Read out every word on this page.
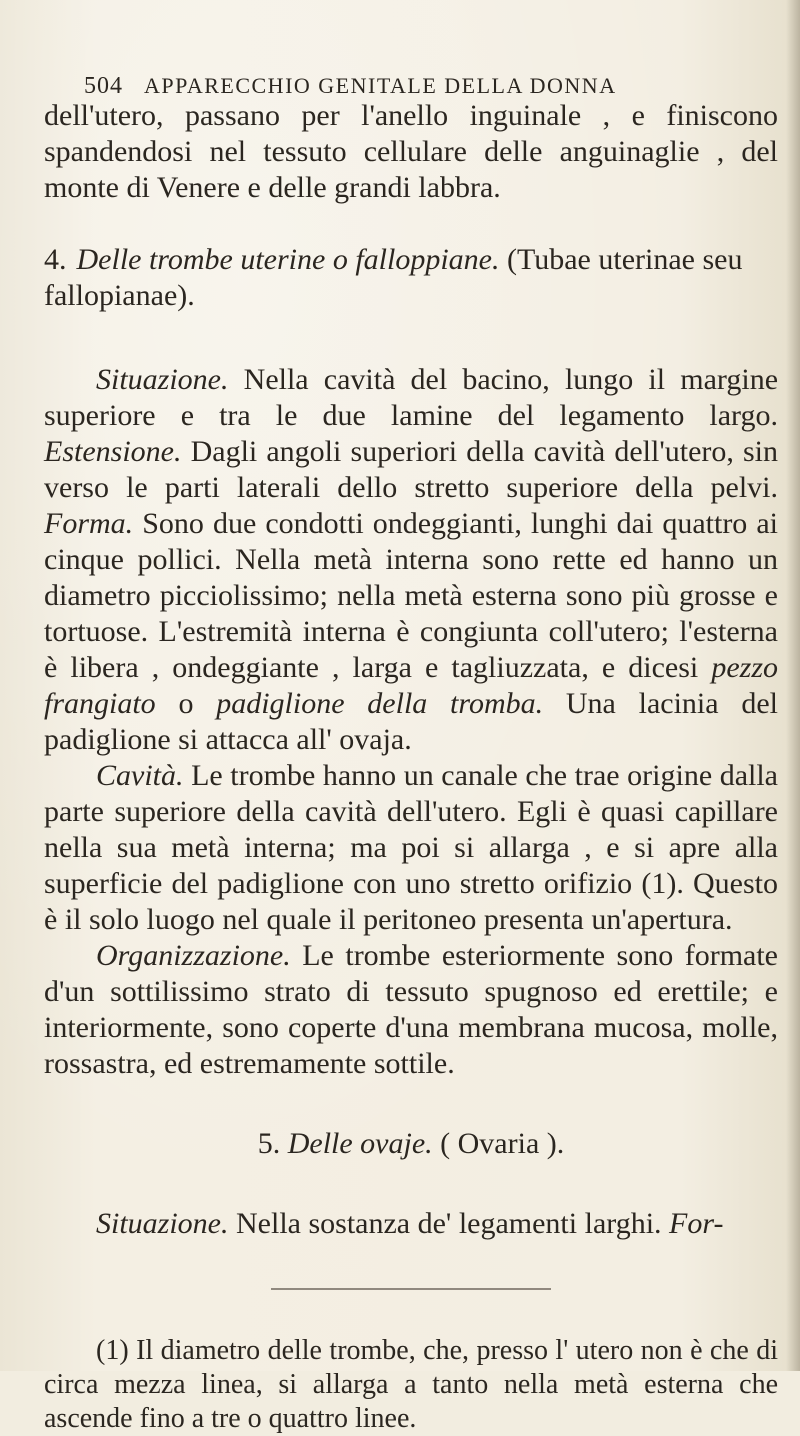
504 APPARECCHIO GENITALE DELLA DONNA

dell'utero, passano per l'anello inguinale , e finiscono spandendosi nel tessuto cellulare delle anguinaglie , del monte di Venere e delle grandi labbra.

4. Delle trombe uterine o falloppiane. (Tubae uterinae seu fallopianae).

Situazione. Nella cavità del bacino, lungo il margine superiore e tra le due lamine del legamento largo. Estensione. Dagli angoli superiori della cavità dell'utero, sin verso le parti laterali dello stretto superiore della pelvi. Forma. Sono due condotti ondeggianti, lunghi dai quattro ai cinque pollici. Nella metà interna sono rette ed hanno un diametro picciolissimo; nella metà esterna sono più grosse e tortuose. L'estremità interna è congiunta coll'utero; l'esterna è libera , ondeggiante , larga e tagliuzzata, e dicesi pezzo frangiato o padiglione della tromba. Una lacinia del padiglione si attacca all' ovaja.

Cavità. Le trombe hanno un canale che trae origine dalla parte superiore della cavità dell'utero. Egli è quasi capillare nella sua metà interna; ma poi si allarga , e si apre alla superficie del padiglione con uno stretto orifizio (1). Questo è il solo luogo nel quale il peritoneo presenta un'apertura.

Organizzazione. Le trombe esteriormente sono formate d'un sottilissimo strato di tessuto spugnoso ed erettile; e interiormente, sono coperte d'una membrana mucosa, molle, rossastra, ed estremamente sottile.

5. Delle ovaje. ( Ovaria ).

Situazione. Nella sostanza de' legamenti larghi. For-

(1) Il diametro delle trombe, che, presso l' utero non è che di circa mezza linea, si allarga a tanto nella metà esterna che ascende fino a tre o quattro linee.
